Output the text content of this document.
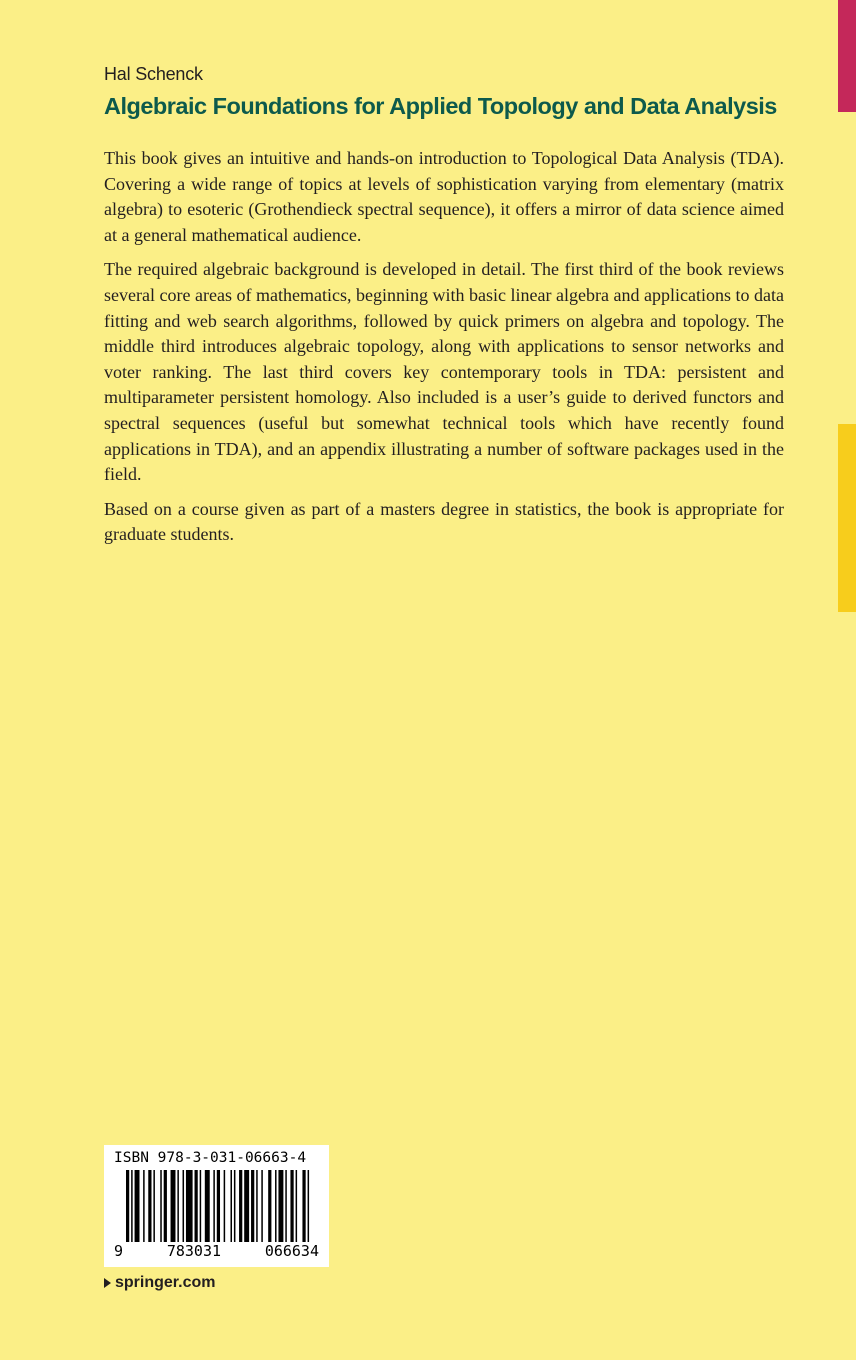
Hal Schenck
Algebraic Foundations for Applied Topology and Data Analysis

This book gives an intuitive and hands-on introduction to Topological Data Analysis (TDA). Covering a wide range of topics at levels of sophistication varying from elementary (matrix algebra) to esoteric (Grothendieck spectral sequence), it offers a mirror of data science aimed at a general mathematical audience.

The required algebraic background is developed in detail. The first third of the book reviews several core areas of mathematics, beginning with basic linear algebra and applications to data fitting and web search algorithms, followed by quick primers on algebra and topology. The middle third introduces algebraic topology, along with applications to sensor networks and voter ranking. The last third covers key contemporary tools in TDA: persistent and multiparameter persistent homology. Also included is a user’s guide to derived functors and spectral sequences (useful but somewhat technical tools which have recently found applications in TDA), and an appendix illustrating a number of software packages used in the field.

Based on a course given as part of a masters degree in statistics, the book is appropriate for graduate students.

ISBN 978-3-031-06663-4
9	783031	066634
springer.com
